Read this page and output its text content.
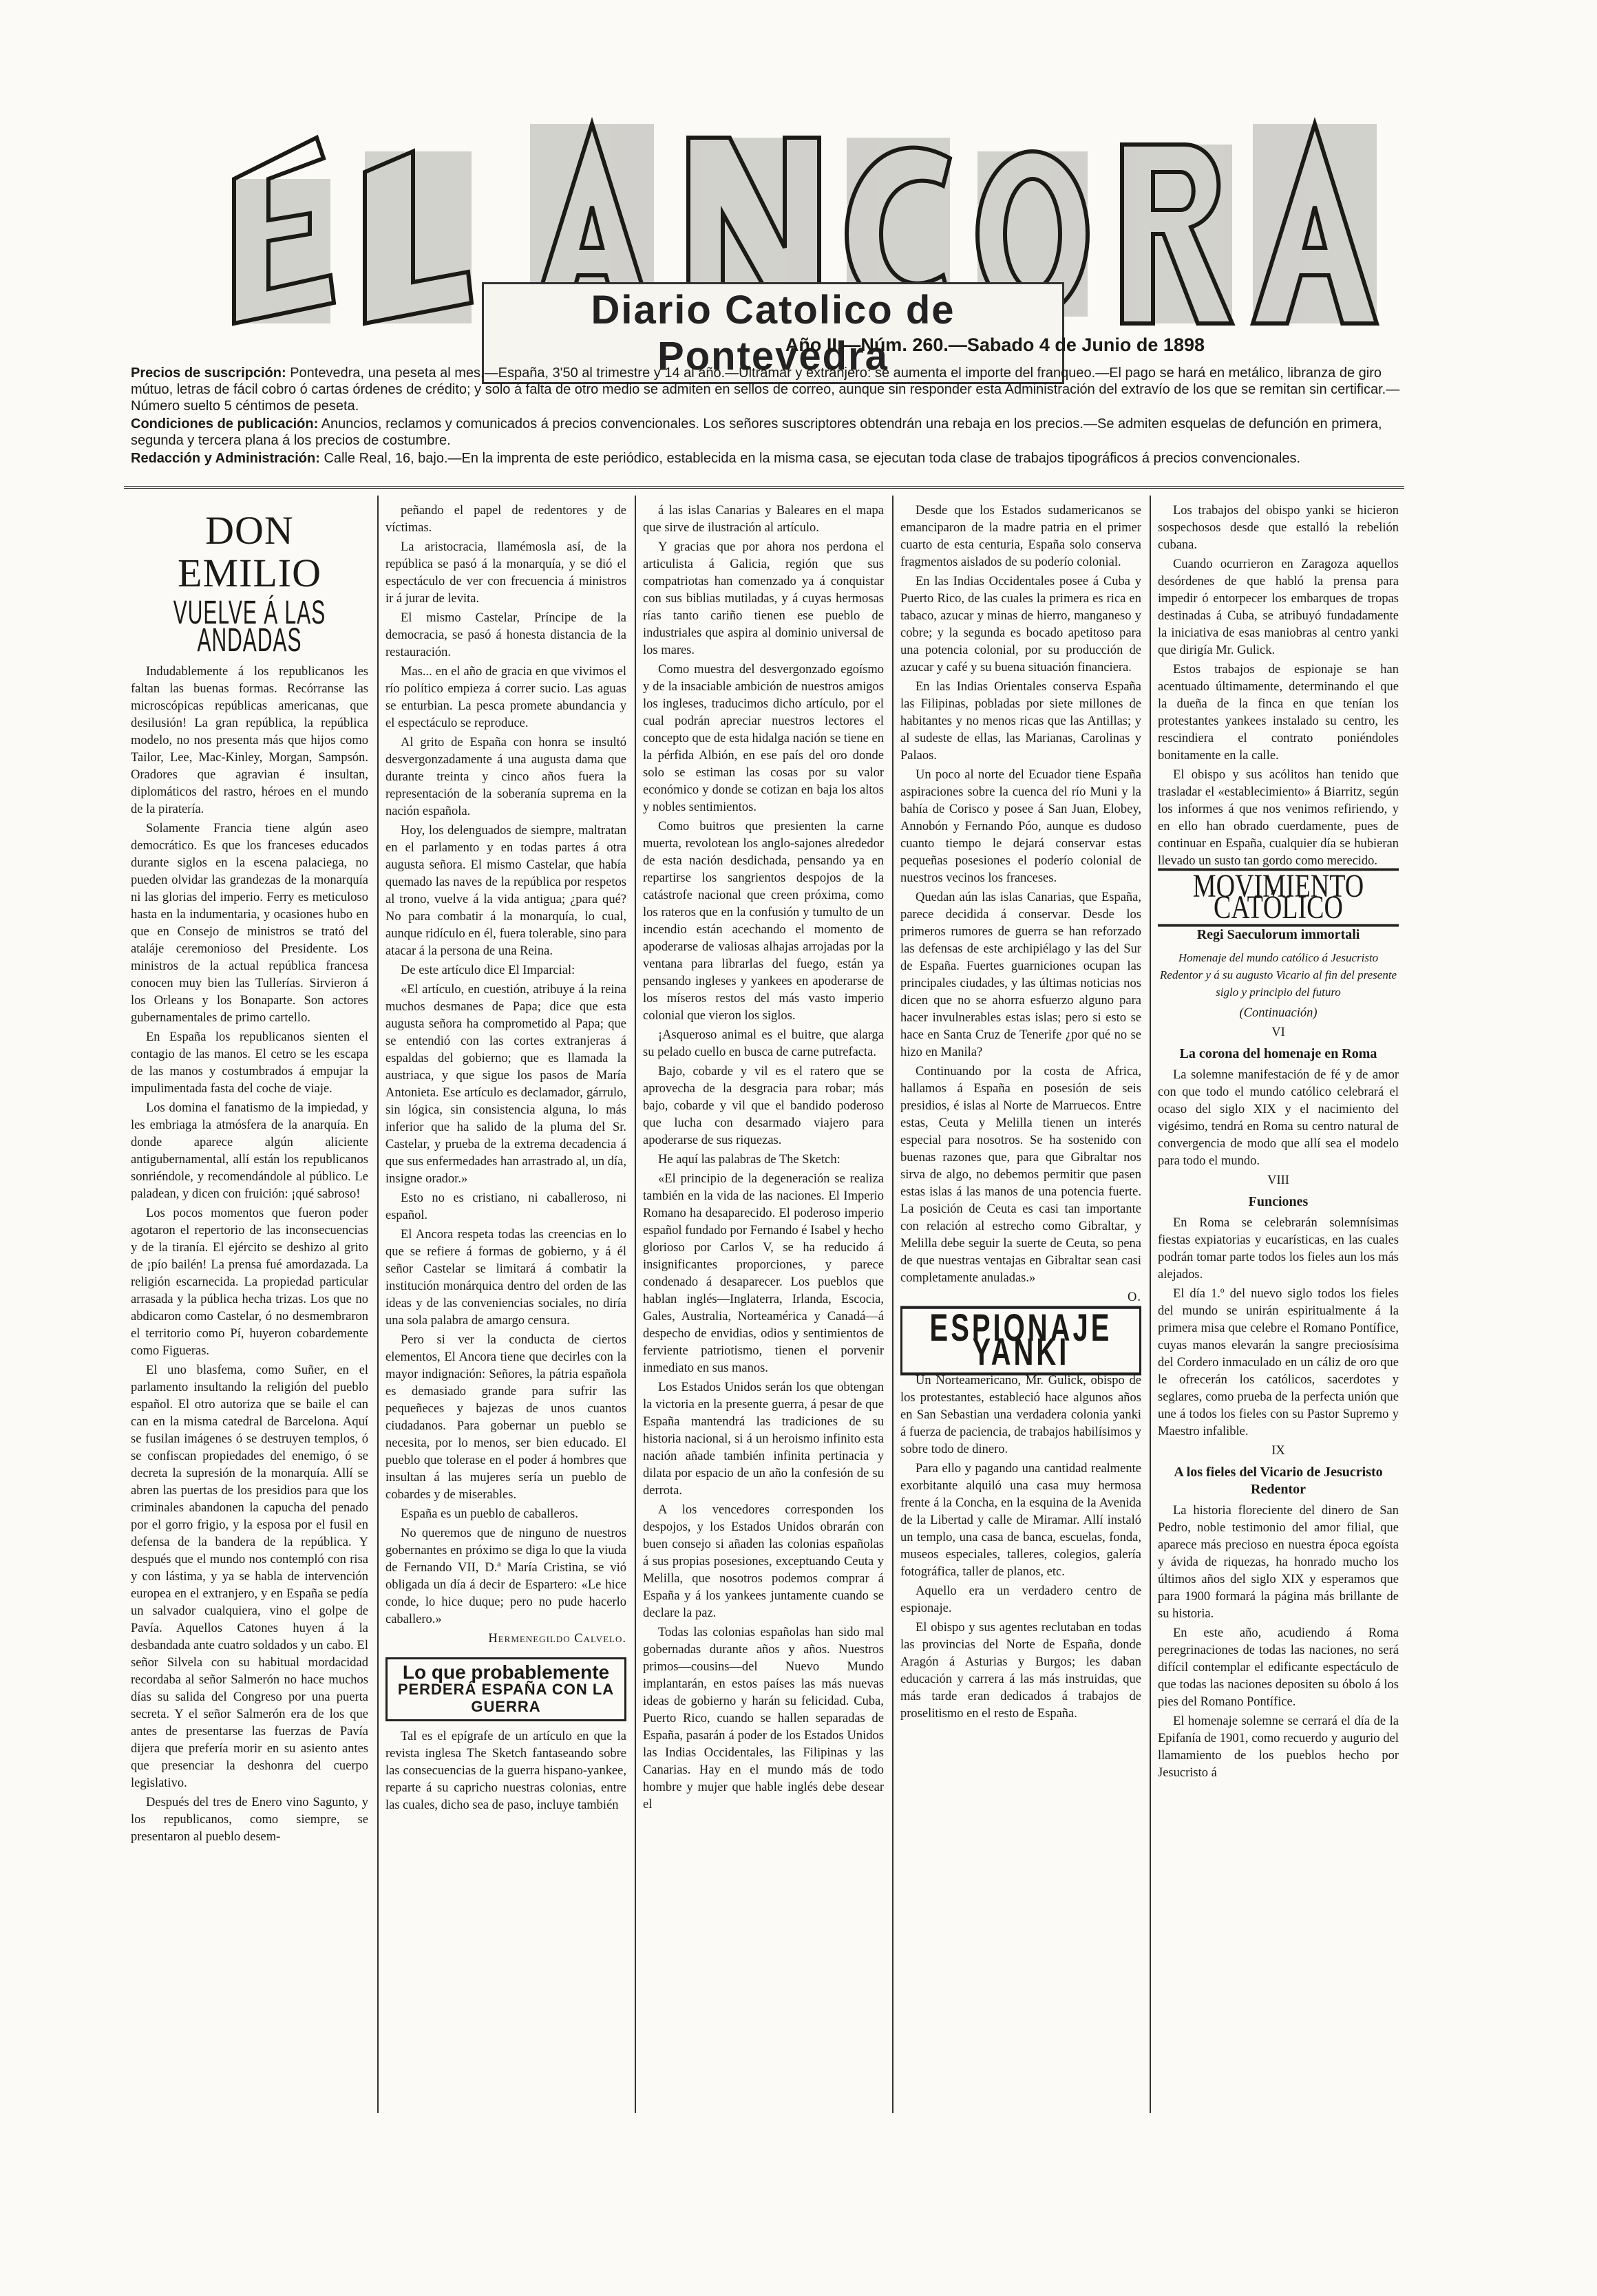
Diario Catolico de Pontevedra
Año II.—Núm. 260.—Sabado 4 de Junio de 1898

Precios de suscripción: Pontevedra, una peseta al mes.—España, 3'50 al trimestre y 14 al año.—Ultramar y extranjero: se aumenta el importe del franqueo.—El pago se hará en metálico, libranza de giro mútuo, letras de fácil cobro ó cartas órdenes de crédito; y solo á falta de otro medio se admiten en sellos de correo, aunque sin responder esta Administración del extravío de los que se remitan sin certificar.—Número suelto 5 céntimos de peseta.

Condiciones de publicación: Anuncios, reclamos y comunicados á precios convencionales. Los señores suscriptores obtendrán una rebaja en los precios.—Se admiten esquelas de defunción en primera, segunda y tercera plana á los precios de costumbre.

Redacción y Administración: Calle Real, 16, bajo.—En la imprenta de este periódico, establecida en la misma casa, se ejecutan toda clase de trabajos tipográficos á precios convencionales.

DON EMILIO
VUELVE Á LAS ANDADAS

Indudablemente á los republicanos les faltan las buenas formas. Recórranse las microscópicas repúblicas americanas, que desilusión! La gran república, la república modelo, no nos presenta más que hijos como Tailor, Lee, Mac-Kinley, Morgan, Sampsón. Oradores que agravian é insultan, diplomáticos del rastro, héroes en el mundo de la piratería.

Solamente Francia tiene algún aseo democrático. Es que los franceses educados durante siglos en la escena palaciega, no pueden olvidar las grandezas de la monarquía ni las glorias del imperio. Ferry es meticuloso hasta en la indumentaria, y ocasiones hubo en que en Consejo de ministros se trató del ataláje ceremonioso del Presidente. Los ministros de la actual república francesa conocen muy bien las Tullerías. Sirvieron á los Orleans y los Bonaparte. Son actores gubernamentales de primo cartello.

En España los republicanos sienten el contagio de las manos. El cetro se les escapa de las manos y costumbrados á empujar la impulimentada fasta del coche de viaje.

Los domina el fanatismo de la impiedad, y les embriaga la atmósfera de la anarquía. En donde aparece algún aliciente antigubernamental, allí están los republicanos sonriéndole, y recomendándole al público. Le paladean, y dicen con fruición: ¡qué sabroso!

Los pocos momentos que fueron poder agotaron el repertorio de las inconsecuencias y de la tiranía. El ejército se deshizo al grito de ¡pío bailén! La prensa fué amordazada. La religión escarnecida. La propiedad particular arrasada y la pública hecha trizas. Los que no abdicaron como Castelar, ó no desmembraron el territorio como Pí, huyeron cobardemente como Figueras.

El uno blasfema, como Suñer, en el parlamento insultando la religión del pueblo español. El otro autoriza que se baile el can can en la misma catedral de Barcelona. Aquí se fusilan imágenes ó se destruyen templos, ó se confiscan propiedades del enemigo, ó se decreta la supresión de la monarquía. Allí se abren las puertas de los presidios para que los criminales abandonen la capucha del penado por el gorro frigio, y la esposa por el fusil en defensa de la bandera de la república. Y después que el mundo nos contempló con risa y con lástima, y ya se habla de intervención europea en el extranjero, y en España se pedía un salvador cualquiera, vino el golpe de Pavía. Aquellos Catones huyen á la desbandada ante cuatro soldados y un cabo. El señor Silvela con su habitual mordacidad recordaba al señor Salmerón no hace muchos días su salida del Congreso por una puerta secreta. Y el señor Salmerón era de los que antes de presentarse las fuerzas de Pavía dijera que prefería morir en su asiento antes que presenciar la deshonra del cuerpo legislativo.

Después del tres de Enero vino Sagunto, y los republicanos, como siempre, se presentaron al pueblo desem-

peñando el papel de redentores y de víctimas.

La aristocracia, llamémosla así, de la república se pasó á la monarquía, y se dió el espectáculo de ver con frecuencia á ministros ir á jurar de levita.

El mismo Castelar, Príncipe de la democracia, se pasó á honesta distancia de la restauración.

Mas... en el año de gracia en que vivimos el río político empieza á correr sucio. Las aguas se enturbian. La pesca promete abundancia y el espectáculo se reproduce.

Al grito de España con honra se insultó desvergonzadamente á una augusta dama que durante treinta y cinco años fuera la representación de la soberanía suprema en la nación española.

Hoy, los delenguados de siempre, maltratan en el parlamento y en todas partes á otra augusta señora. El mismo Castelar, que había quemado las naves de la república por respetos al trono, vuelve á la vida antigua; ¿para qué? No para combatir á la monarquía, lo cual, aunque ridículo en él, fuera tolerable, sino para atacar á la persona de una Reina.

De este artículo dice El Imparcial:

«El artículo, en cuestión, atribuye á la reina muchos desmanes de Papa; dice que esta augusta señora ha comprometido al Papa; que se entendió con las cortes extranjeras á espaldas del gobierno; que es llamada la austriaca, y que sigue los pasos de María Antonieta. Ese artículo es declamador, gárrulo, sin lógica, sin consistencia alguna, lo más inferior que ha salido de la pluma del Sr. Castelar, y prueba de la extrema decadencia á que sus enfermedades han arrastrado al, un día, insigne orador.»

Esto no es cristiano, ni caballeroso, ni español.

El Ancora respeta todas las creencias en lo que se refiere á formas de gobierno, y á él señor Castelar se limitará á combatir la institución monárquica dentro del orden de las ideas y de las conveniencias sociales, no diría una sola palabra de amargo censura.

Pero si ver la conducta de ciertos elementos, El Ancora tiene que decirles con la mayor indignación: Señores, la pátria española es demasiado grande para sufrir las pequeñeces y bajezas de unos cuantos ciudadanos. Para gobernar un pueblo se necesita, por lo menos, ser bien educado. El pueblo que tolerase en el poder á hombres que insultan á las mujeres sería un pueblo de cobardes y de miserables.

España es un pueblo de caballeros.

No queremos que de ninguno de nuestros gobernantes en próximo se diga lo que la viuda de Fernando VII, D.ª María Cristina, se vió obligada un día á decir de Espartero: «Le hice conde, lo hice duque; pero no pude hacerlo caballero.»

Hermenegildo Calvelo.

Lo que probablemente
PERDERÁ ESPAÑA CON LA GUERRA

Tal es el epígrafe de un artículo en que la revista inglesa The Sketch fantaseando sobre las consecuencias de la guerra hispano-yankee, reparte á su capricho nuestras colonias, entre las cuales, dicho sea de paso, incluye también

á las islas Canarias y Baleares en el mapa que sirve de ilustración al artículo.

Y gracias que por ahora nos perdona el articulista á Galicia, región que sus compatriotas han comenzado ya á conquistar con sus biblias mutiladas, y á cuyas hermosas rías tanto cariño tienen ese pueblo de industriales que aspira al dominio universal de los mares.

Como muestra del desvergonzado egoísmo y de la insaciable ambición de nuestros amigos los ingleses, traducimos dicho artículo, por el cual podrán apreciar nuestros lectores el concepto que de esta hidalga nación se tiene en la pérfida Albión, en ese país del oro donde solo se estiman las cosas por su valor económico y donde se cotizan en baja los altos y nobles sentimientos.

Como buitros que presienten la carne muerta, revolotean los anglo-sajones alrededor de esta nación desdichada, pensando ya en repartirse los sangrientos despojos de la catástrofe nacional que creen próxima, como los rateros que en la confusión y tumulto de un incendio están acechando el momento de apoderarse de valiosas alhajas arrojadas por la ventana para librarlas del fuego, están ya pensando ingleses y yankees en apoderarse de los míseros restos del más vasto imperio colonial que vieron los siglos.

¡Asqueroso animal es el buitre, que alarga su pelado cuello en busca de carne putrefacta.

Bajo, cobarde y vil es el ratero que se aprovecha de la desgracia para robar; más bajo, cobarde y vil que el bandido poderoso que lucha con desarmado viajero para apoderarse de sus riquezas.

He aquí las palabras de The Sketch:

«El principio de la degeneración se realiza también en la vida de las naciones. El Imperio Romano ha desaparecido. El poderoso imperio español fundado por Fernando é Isabel y hecho glorioso por Carlos V, se ha reducido á insignificantes proporciones, y parece condenado á desaparecer. Los pueblos que hablan inglés—Inglaterra, Irlanda, Escocia, Gales, Australia, Norteamérica y Canadá—á despecho de envidias, odios y sentimientos de ferviente patriotismo, tienen el porvenir inmediato en sus manos.

Los Estados Unidos serán los que obtengan la victoria en la presente guerra, á pesar de que España mantendrá las tradiciones de su historia nacional, si á un heroismo infinito esta nación añade también infinita pertinacia y dilata por espacio de un año la confesión de su derrota.

A los vencedores corresponden los despojos, y los Estados Unidos obrarán con buen consejo si añaden las colonias españolas á sus propias posesiones, exceptuando Ceuta y Melilla, que nosotros podemos comprar á España y á los yankees juntamente cuando se declare la paz.

Todas las colonias españolas han sido mal gobernadas durante años y años. Nuestros primos—cousins—del Nuevo Mundo implantarán, en estos países las más nuevas ideas de gobierno y harán su felicidad. Cuba, Puerto Rico, cuando se hallen separadas de España, pasarán á poder de los Estados Unidos las Indias Occidentales, las Filipinas y las Canarias. Hay en el mundo más de todo hombre y mujer que hable inglés debe desear el

Desde que los Estados sudamericanos se emanciparon de la madre patria en el primer cuarto de esta centuria, España solo conserva fragmentos aislados de su poderío colonial.

En las Indias Occidentales posee á Cuba y Puerto Rico, de las cuales la primera es rica en tabaco, azucar y minas de hierro, manganeso y cobre; y la segunda es bocado apetitoso para una potencia colonial, por su producción de azucar y café y su buena situación financiera.

En las Indias Orientales conserva España las Filipinas, pobladas por siete millones de habitantes y no menos ricas que las Antillas; y al sudeste de ellas, las Marianas, Carolinas y Palaos.

Un poco al norte del Ecuador tiene España aspiraciones sobre la cuenca del río Muni y la bahía de Corisco y posee á San Juan, Elobey, Annobón y Fernando Póo, aunque es dudoso cuanto tiempo le dejará conservar estas pequeñas posesiones el poderío colonial de nuestros vecinos los franceses.

Quedan aún las islas Canarias, que España, parece decidida á conservar. Desde los primeros rumores de guerra se han reforzado las defensas de este archipiélago y las del Sur de España. Fuertes guarniciones ocupan las principales ciudades, y las últimas noticias nos dicen que no se ahorra esfuerzo alguno para hacer invulnerables estas islas; pero si esto se hace en Santa Cruz de Tenerife ¿por qué no se hizo en Manila?

Continuando por la costa de Africa, hallamos á España en posesión de seis presidios, é islas al Norte de Marruecos. Entre estas, Ceuta y Melilla tienen un interés especial para nosotros. Se ha sostenido con buenas razones que, para que Gibraltar nos sirva de algo, no debemos permitir que pasen estas islas á las manos de una potencia fuerte. La posición de Ceuta es casi tan importante con relación al estrecho como Gibraltar, y Melilla debe seguir la suerte de Ceuta, so pena de que nuestras ventajas en Gibraltar sean casi completamente anuladas.»

O.

ESPIONAJE YANKI

Un Norteamericano, Mr. Gulick, obispo de los protestantes, estableció hace algunos años en San Sebastian una verdadera colonia yanki á fuerza de paciencia, de trabajos habilísimos y sobre todo de dinero.

Para ello y pagando una cantidad realmente exorbitante alquiló una casa muy hermosa frente á la Concha, en la esquina de la Avenida de la Libertad y calle de Miramar. Allí instaló un templo, una casa de banca, escuelas, fonda, museos especiales, talleres, colegios, galería fotográfica, taller de planos, etc.

Aquello era un verdadero centro de espionaje.

El obispo y sus agentes reclutaban en todas las provincias del Norte de España, donde Aragón á Asturias y Burgos; les daban educación y carrera á las más instruidas, que más tarde eran dedicados á trabajos de proselitismo en el resto de España.

Los trabajos del obispo yanki se hicieron sospechosos desde que estalló la rebelión cubana.

Cuando ocurrieron en Zaragoza aquellos desórdenes de que habló la prensa para impedir ó entorpecer los embarques de tropas destinadas á Cuba, se atribuyó fundadamente la iniciativa de esas maniobras al centro yanki que dirigía Mr. Gulick.

Estos trabajos de espionaje se han acentuado últimamente, determinando el que la dueña de la finca en que tenían los protestantes yankees instalado su centro, les rescindiera el contrato poniéndoles bonitamente en la calle.

El obispo y sus acólitos han tenido que trasladar el «establecimiento» á Biarritz, según los informes á que nos venimos refiriendo, y en ello han obrado cuerdamente, pues de continuar en España, cualquier día se hubieran llevado un susto tan gordo como merecido.

MOVIMIENTO CATÓLICO
Regi Saeculorum immortali
Homenaje del mundo católico á Jesucristo Redentor y á su augusto Vicario al fin del presente siglo y principio del futuro

(Continuación)

VI

La corona del homenaje en Roma

La solemne manifestación de fé y de amor con que todo el mundo católico celebrará el ocaso del siglo XIX y el nacimiento del vigésimo, tendrá en Roma su centro natural de convergencia de modo que allí sea el modelo para todo el mundo.

VIII

Funciones

En Roma se celebrarán solemnísimas fiestas expiatorias y eucarísticas, en las cuales podrán tomar parte todos los fieles aun los más alejados.

El día 1.º del nuevo siglo todos los fieles del mundo se unirán espiritualmente á la primera misa que celebre el Romano Pontífice, cuyas manos elevarán la sangre preciosísima del Cordero inmaculado en un cáliz de oro que le ofrecerán los católicos, sacerdotes y seglares, como prueba de la perfecta unión que une á todos los fieles con su Pastor Supremo y Maestro infalible.

IX

A los fieles del Vicario de Jesucristo Redentor

La historia floreciente del dinero de San Pedro, noble testimonio del amor filial, que aparece más precioso en nuestra época egoísta y ávida de riquezas, ha honrado mucho los últimos años del siglo XIX y esperamos que para 1900 formará la página más brillante de su historia.

En este año, acudiendo á Roma peregrinaciones de todas las naciones, no será difícil contemplar el edificante espectáculo de que todas las naciones depositen su óbolo á los pies del Romano Pontífice.

El homenaje solemne se cerrará el día de la Epifanía de 1901, como recuerdo y augurio del llamamiento de los pueblos hecho por Jesucristo á
